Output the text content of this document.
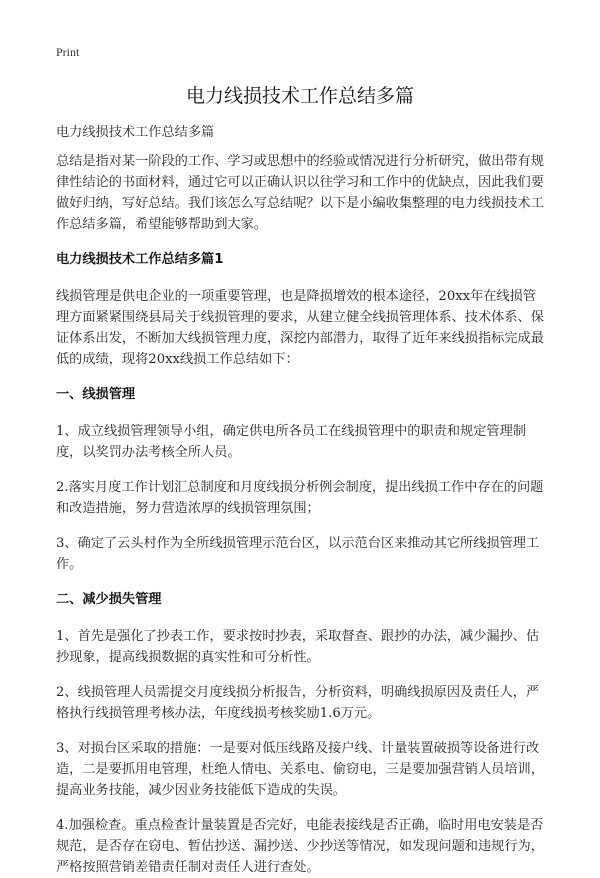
Print
电力线损技术工作总结多篇

电力线损技术工作总结多篇

总结是指对某一阶段的工作、学习或思想中的经验或情况进行分析研究，做出带有规律性结论的书面材料，通过它可以正确认识以往学习和工作中的优缺点，因此我们要做好归纳，写好总结。我们该怎么写总结呢？以下是小编收集整理的电力线损技术工作总结多篇，希望能够帮助到大家。

电力线损技术工作总结多篇1

线损管理是供电企业的一项重要管理，也是降损增效的根本途径，20xx年在线损管理方面紧紧围绕县局关于线损管理的要求，从建立健全线损管理体系、技术体系、保证体系出发，不断加大线损管理力度，深挖内部潜力，取得了近年来线损指标完成最低的成绩，现将20xx线损工作总结如下：

一、线损管理

1、成立线损管理领导小组，确定供电所各员工在线损管理中的职责和规定管理制度，以奖罚办法考核全所人员。

2.落实月度工作计划汇总制度和月度线损分析例会制度，提出线损工作中存在的问题和改造措施，努力营造浓厚的线损管理氛围；

3、确定了云头村作为全所线损管理示范台区，以示范台区来推动其它所线损管理工作。

二、减少损失管理

1、首先是强化了抄表工作，要求按时抄表，采取督查、跟抄的办法，减少漏抄、估抄现象，提高线损数据的真实性和可分析性。

2、线损管理人员需提交月度线损分析报告，分析资料，明确线损原因及责任人，严格执行线损管理考核办法，年度线损考核奖励1.6万元。

3、对损台区采取的措施：一是要对低压线路及接户线、计量装置破损等设备进行改造，二是要抓用电管理，杜绝人情电、关系电、偷窃电，三是要加强营销人员培训，提高业务技能，减少因业务技能低下造成的失误。

4.加强检查。重点检查计量装置是否完好，电能表接线是否正确，临时用电安装是否规范，是否存在窃电、暂估抄送、漏抄送、少抄送等情况，如发现问题和违规行为，严格按照营销差错责任制对责任人进行查处。
